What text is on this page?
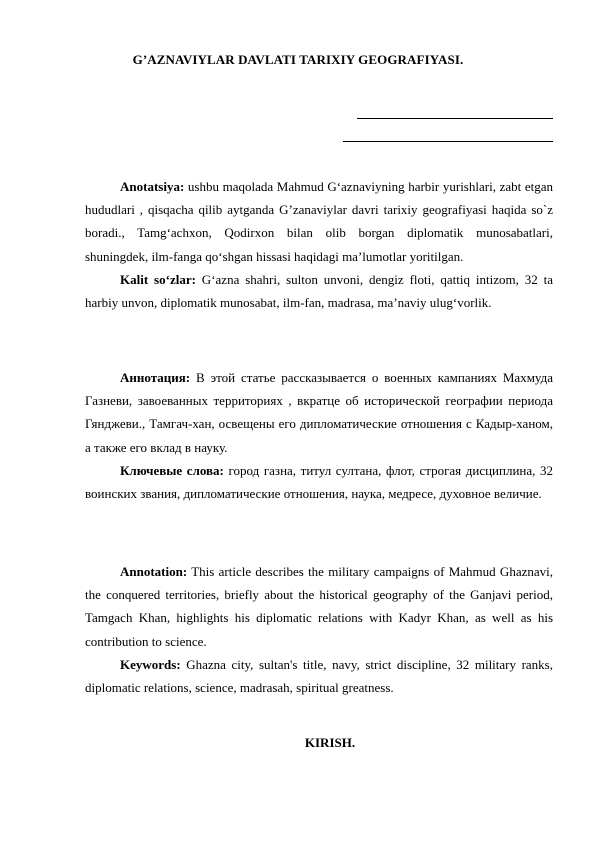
G’AZNAVIYLAR DAVLATI TARIXIY GEOGRAFIYASI.

Anotatsiya: ushbu maqolada Mahmud G‘aznaviyning harbir yurishlari, zabt etgan hududlari , qisqacha qilib aytganda G’zanaviylar davri tarixiy geografiyasi haqida so`z boradi., Tamg‘achxon, Qodirxon bilan olib borgan diplomatik munosabatlari, shuningdek, ilm-fanga qo‘shgan hissasi haqidagi ma’lumotlar yoritilgan.

Kalit so‘zlar: G‘azna shahri, sulton unvoni, dengiz floti, qattiq intizom, 32 ta harbiy unvon, diplomatik munosabat, ilm-fan, madrasa, ma’naviy ulug‘vorlik.

Аннотация: В этой статье рассказывается о военных кампаниях Махмуда Газневи, завоеванных территориях , вкратце об исторической географии периода Гянджеви., Тамгач-хан, освещены его дипломатические отношения с Кадыр-ханом, а также его вклад в науку.

Ключевые слова: город газна, титул султана, флот, строгая дисциплина, 32 воинских звания, дипломатические отношения, наука, медресе, духовное величие.

Annotation: This article describes the military campaigns of Mahmud Ghaznavi, the conquered territories, briefly about the historical geography of the Ganjavi period, Tamgach Khan, highlights his diplomatic relations with Kadyr Khan, as well as his contribution to science.

Keywords: Ghazna city, sultan's title, navy, strict discipline, 32 military ranks, diplomatic relations, science, madrasah, spiritual greatness.

KIRISH.
